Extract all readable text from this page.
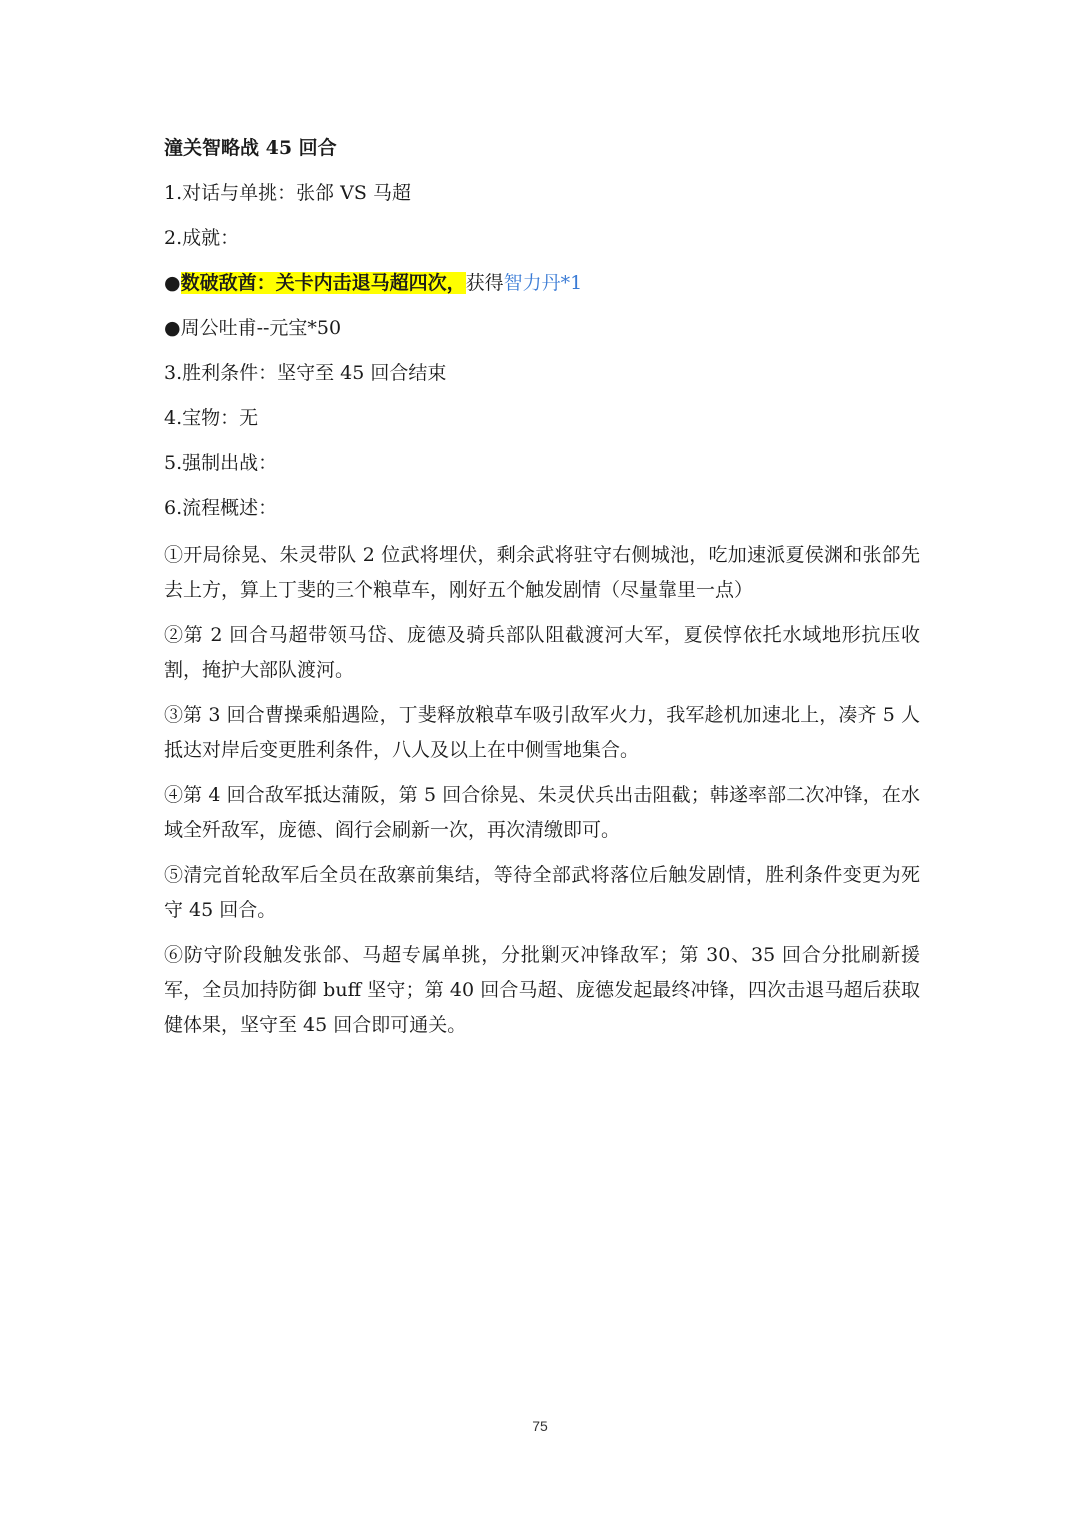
潼关智略战 45 回合
1.对话与单挑：张郃 VS 马超
2.成就：
●数破敌酋：关卡内击退马超四次，获得智力丹*1
●周公吐甫--元宝*50
3.胜利条件：坚守至 45 回合结束
4.宝物：无
5.强制出战：
6.流程概述：
①开局徐晃、朱灵带队 2 位武将埋伏，剩余武将驻守右侧城池，吃加速派夏侯渊和张郃先去上方，算上丁斐的三个粮草车，刚好五个触发剧情（尽量靠里一点）
②第 2 回合马超带领马岱、庞德及骑兵部队阻截渡河大军，夏侯惇依托水域地形抗压收割，掩护大部队渡河。
③第 3 回合曹操乘船遇险，丁斐释放粮草车吸引敌军火力，我军趁机加速北上，凑齐 5 人抵达对岸后变更胜利条件，八人及以上在中侧雪地集合。
④第 4 回合敌军抵达蒲阪，第 5 回合徐晃、朱灵伏兵出击阻截；韩遂率部二次冲锋，在水域全歼敌军，庞德、阎行会刷新一次，再次清缴即可。
⑤清完首轮敌军后全员在敌寨前集结，等待全部武将落位后触发剧情，胜利条件变更为死守 45 回合。
⑥防守阶段触发张郃、马超专属单挑，分批剿灭冲锋敌军；第 30、35 回合分批刷新援军，全员加持防御 buff 坚守；第 40 回合马超、庞德发起最终冲锋，四次击退马超后获取健体果，坚守至 45 回合即可通关。
75
